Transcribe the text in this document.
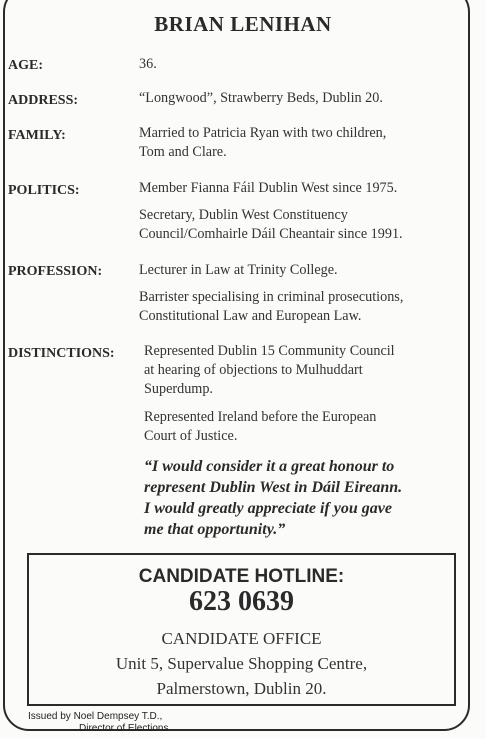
BRIAN LENIHAN
AGE:	36.
ADDRESS:	“Longwood”, Strawberry Beds, Dublin 20.
FAMILY:	Married to Patricia Ryan with two children,
Tom and Clare.
POLITICS:	Member Fianna Fáil Dublin West since 1975.
Secretary, Dublin West Constituency
Council/Comhairle Dáil Cheantair since 1991.
PROFESSION:	Lecturer in Law at Trinity College.
Barrister specialising in criminal prosecutions,
Constitutional Law and European Law.
DISTINCTIONS: Represented Dublin 15 Community Council
at hearing of objections to Mulhuddart
Superdump.
Represented Ireland before the European
Court of Justice.
“I would consider it a great honour to
represent Dublin West in Dáil Eireann.
I would greatly appreciate if you gave
me that opportunity.”
CANDIDATE HOTLINE:
623 0639
CANDIDATE OFFICE
Unit 5, Supervalue Shopping Centre,
Palmerstown, Dublin 20.
Issued by Noel Dempsey T.D.,
Director of Elections
